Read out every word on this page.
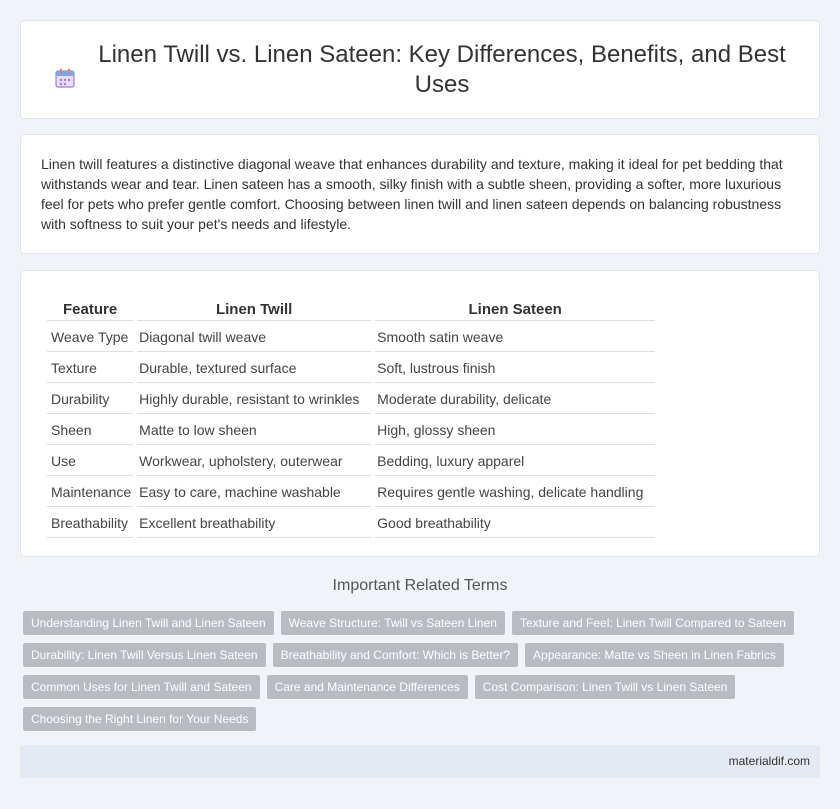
Linen Twill vs. Linen Sateen: Key Differences, Benefits, and Best Uses

Linen twill features a distinctive diagonal weave that enhances durability and texture, making it ideal for pet bedding that withstands wear and tear. Linen sateen has a smooth, silky finish with a subtle sheen, providing a softer, more luxurious feel for pets who prefer gentle comfort. Choosing between linen twill and linen sateen depends on balancing robustness with softness to suit your pet's needs and lifestyle.

Feature	Linen Twill	Linen Sateen
Weave Type	Diagonal twill weave	Smooth satin weave
Texture	Durable, textured surface	Soft, lustrous finish
Durability	Highly durable, resistant to wrinkles	Moderate durability, delicate
Sheen	Matte to low sheen	High, glossy sheen
Use	Workwear, upholstery, outerwear	Bedding, luxury apparel
Maintenance	Easy to care, machine washable	Requires gentle washing, delicate handling
Breathability	Excellent breathability	Good breathability
Important Related Terms
Understanding Linen Twill and Linen Sateen	Weave Structure: Twill vs Sateen Linen	Texture and Feel: Linen Twill Compared to Sateen
Durability: Linen Twill Versus Linen Sateen	Breathability and Comfort: Which is Better?	Appearance: Matte vs Sheen in Linen Fabrics
Common Uses for Linen Twill and Sateen	Care and Maintenance Differences	Cost Comparison: Linen Twill vs Linen Sateen
Choosing the Right Linen for Your Needs
materialdif.com
